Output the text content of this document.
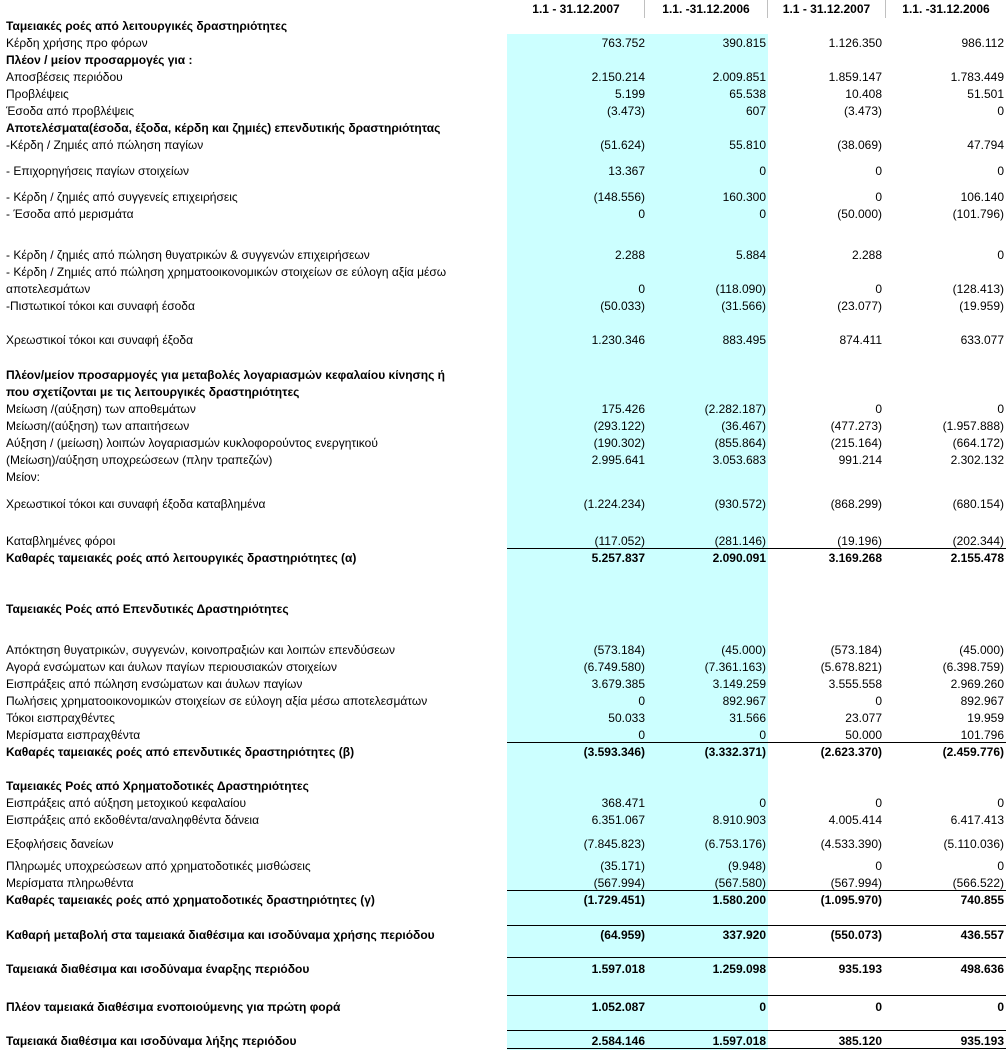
1.1 - 31.12.2007	1.1. -31.12.2006	1.1 - 31.12.2007	1.1. -31.12.2006
Ταμειακές ροές από λειτουργικές δραστηριότητες
Κέρδη χρήσης προ φόρων	763.752	390.815	1.126.350	986.112
Πλέον / μείον προσαρμογές για :
Αποσβέσεις περιόδου	2.150.214	2.009.851	1.859.147	1.783.449
Προβλέψεις	5.199	65.538	10.408	51.501
Έσοδα από προβλέψεις	(3.473)	607	(3.473)	0
Αποτελέσματα(έσοδα, έξοδα, κέρδη και ζημιές) επενδυτικής δραστηριότητας
-Κέρδη / Ζημιές από πώληση παγίων	(51.624)	55.810	(38.069)	47.794
- Επιχορηγήσεις παγίων στοιχείων	13.367	0	0	0
- Κέρδη / ζημιές από συγγενείς επιχειρήσεις	(148.556)	160.300	0	106.140
- Έσοδα από μερισμάτα	0	0	(50.000)	(101.796)
- Κέρδη / ζημιές από πώληση θυγατρικών & συγγενών επιχειρήσεων	2.288	5.884	2.288	0
- Κέρδη / Ζημιές από πώληση χρηματοοικονομικών στοιχείων σε εύλογη αξία μέσω
αποτελεσμάτων	0	(118.090)	0	(128.413)
-Πιστωτικοί τόκοι και συναφή έσοδα	(50.033)	(31.566)	(23.077)	(19.959)
Χρεωστικοί τόκοι και συναφή έξοδα	1.230.346	883.495	874.411	633.077
Πλέον/μείον προσαρμογές για μεταβολές λογαριασμών κεφαλαίου κίνησης ή
που σχετίζονται με τις λειτουργικές δραστηριότητες
Μείωση /(αύξηση) των αποθεμάτων	175.426	(2.282.187)	0	0
Μείωση/(αύξηση) των απαιτήσεων	(293.122)	(36.467)	(477.273)	(1.957.888)
Αύξηση / (μείωση) λοιπών λογαριασμών κυκλοφορούντος ενεργητικού	(190.302)	(855.864)	(215.164)	(664.172)
(Μείωση)/αύξηση υποχρεώσεων (πλην τραπεζών)	2.995.641	3.053.683	991.214	2.302.132
Μείον:
Χρεωστικοί τόκοι και συναφή έξοδα καταβλημένα	(1.224.234)	(930.572)	(868.299)	(680.154)
Καταβλημένες φόροι	(117.052)	(281.146)	(19.196)	(202.344)
Καθαρές ταμειακές ροές από λειτουργικές δραστηριότητες (α)	5.257.837	2.090.091	3.169.268	2.155.478
Ταμειακές Ροές από Επενδυτικές Δραστηριότητες
Απόκτηση θυγατρικών, συγγενών, κοινοπραξιών και λοιπών επενδύσεων	(573.184)	(45.000)	(573.184)	(45.000)
Αγορά ενσώματων και άυλων παγίων περιουσιακών στοιχείων	(6.749.580)	(7.361.163)	(5.678.821)	(6.398.759)
Εισπράξεις από πώληση ενσώματων και άυλων παγίων	3.679.385	3.149.259	3.555.558	2.969.260
Πωλήσεις χρηματοοικονομικών στοιχείων σε εύλογη αξία μέσω αποτελεσμάτων	0	892.967	0	892.967
Τόκοι εισπραχθέντες	50.033	31.566	23.077	19.959
Μερίσματα εισπραχθέντα	0	0	50.000	101.796
Καθαρές ταμειακές ροές από επενδυτικές δραστηριότητες (β)	(3.593.346)	(3.332.371)	(2.623.370)	(2.459.776)
Ταμειακές Ροές από Χρηματοδοτικές Δραστηριότητες
Εισπράξεις από αύξηση μετοχικού κεφαλαίου	368.471	0	0	0
Εισπράξεις από εκδοθέντα/αναληφθέντα δάνεια	6.351.067	8.910.903	4.005.414	6.417.413
Εξοφλήσεις δανείων	(7.845.823)	(6.753.176)	(4.533.390)	(5.110.036)
Πληρωμές υποχρεώσεων από χρηματοδοτικές μισθώσεις	(35.171)	(9.948)	0	0
Μερίσματα πληρωθέντα	(567.994)	(567.580)	(567.994)	(566.522)
Καθαρές ταμειακές ροές από χρηματοδοτικές δραστηριότητες (γ)	(1.729.451)	1.580.200	(1.095.970)	740.855
Καθαρή μεταβολή στα ταμειακά διαθέσιμα και ισοδύναμα χρήσης περιόδου	(64.959)	337.920	(550.073)	436.557
Ταμειακά διαθέσιμα και ισοδύναμα έναρξης περιόδου	1.597.018	1.259.098	935.193	498.636
Πλέον ταμειακά διαθέσιμα ενοποιούμενης για πρώτη φορά	1.052.087	0	0	0
Ταμειακά διαθέσιμα και ισοδύναμα λήξης περιόδου	2.584.146	1.597.018	385.120	935.193
